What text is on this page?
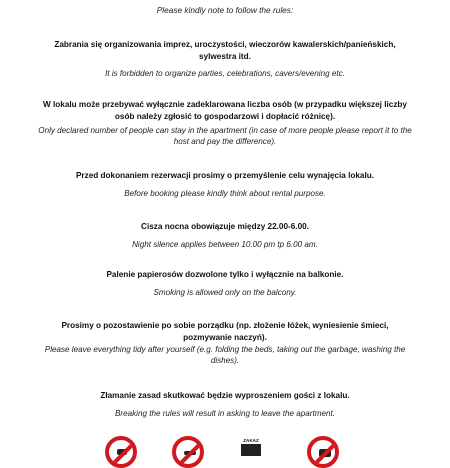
Please kindly note to follow the rules:
Zabrania się organizowania imprez, uroczystości, wieczorów kawalerskich/panieńskich, sylwestra itd.
It is forbidden to organize parties, celebrations, cavers/evening etc.
W lokalu może przebywać wyłącznie zadeklarowana liczba osób (w przypadku większej liczby osób należy zgłosić to gospodarzowi i dopłacić różnicę).
Only declared number of people can stay in the apartment (in case of more people please report it to the host and pay the difference).
Przed dokonaniem rezerwacji prosimy o przemyślenie celu wynajęcia lokalu.
Before booking please kindly think about rental purpose.
Cisza nocna obowiązuje między 22.00-6.00.
Night silence applies between 10.00 pm tp 6.00 am.
Palenie papierosów dozwolone tylko i wyłącznie na balkonie.
Smoking is allowed only on the balcony.
Prosimy o pozostawienie po sobie porządku (np. złożenie łóżek, wyniesienie śmieci, pozmywanie naczyń).
Please leave everything tidy after yourself (e.g. folding the beds, taking out the garbage, washing the dishes).
Złamanie zasad skutkować będzie wyproszeniem gości z lokalu.
Breaking the rules will result in asking to leave the apartment.
ZAKAZ
